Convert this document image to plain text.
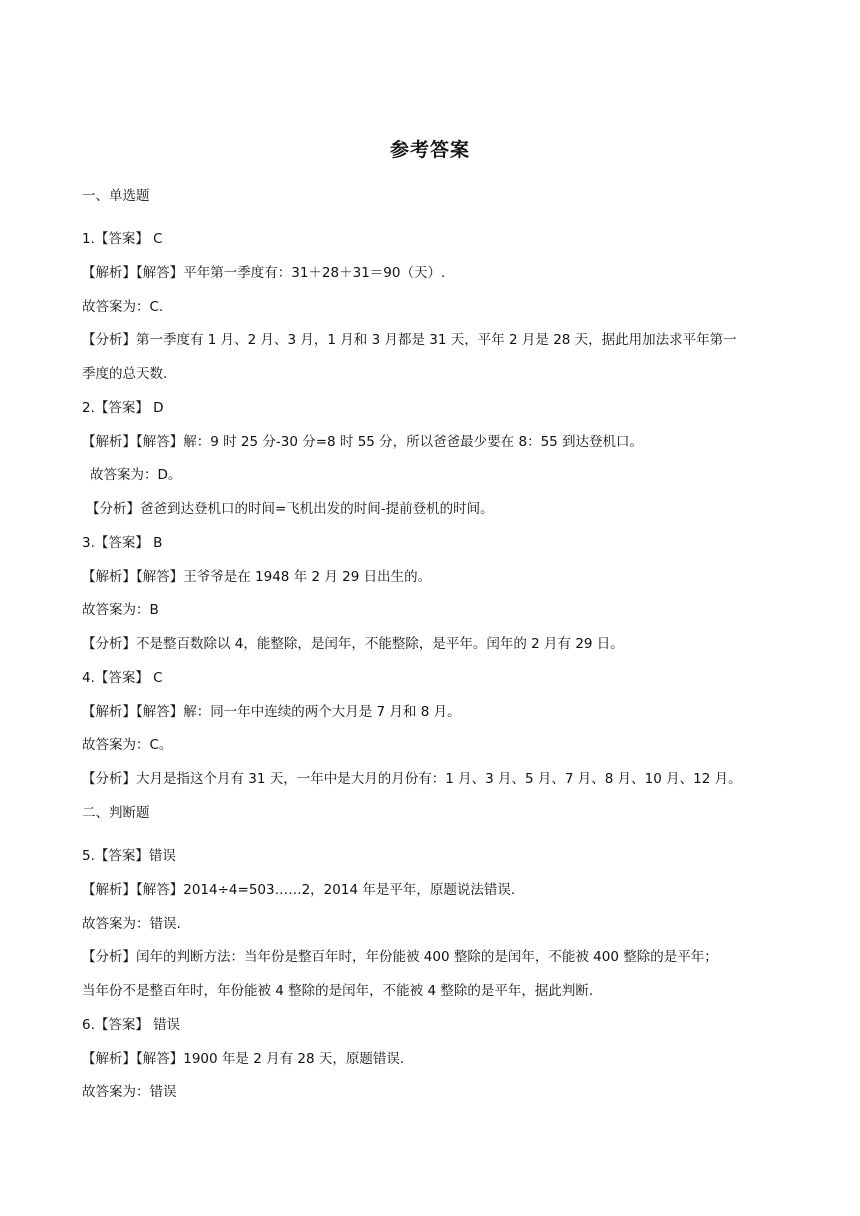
参考答案
一、单选题
1.【答案】 C
【解析】【解答】平年第一季度有：31＋28＋31＝90（天）.
故答案为：C.
【分析】第一季度有 1 月、2 月、3 月，1 月和 3 月都是 31 天，平年 2 月是 28 天，据此用加法求平年第一
季度的总天数.
2.【答案】 D
【解析】【解答】解：9 时 25 分-30 分=8 时 55 分，所以爸爸最少要在 8：55 到达登机口。
故答案为：D。
【分析】爸爸到达登机口的时间=飞机出发的时间-提前登机的时间。
3.【答案】 B
【解析】【解答】王爷爷是在 1948 年 2 月 29 日出生的。
故答案为：B
【分析】不是整百数除以 4，能整除，是闰年，不能整除，是平年。闰年的 2 月有 29 日。
4.【答案】 C
【解析】【解答】解：同一年中连续的两个大月是 7 月和 8 月。
故答案为：C。
【分析】大月是指这个月有 31 天，一年中是大月的月份有：1 月、3 月、5 月、7 月、8 月、10 月、12 月。
二、判断题
5.【答案】错误
【解析】【解答】2014÷4=503……2，2014 年是平年，原题说法错误.
故答案为：错误.
【分析】闰年的判断方法：当年份是整百年时，年份能被 400 整除的是闰年，不能被 400 整除的是平年；
当年份不是整百年时，年份能被 4 整除的是闰年，不能被 4 整除的是平年，据此判断.
6.【答案】 错误
【解析】【解答】1900 年是 2 月有 28 天，原题错误.
故答案为：错误
